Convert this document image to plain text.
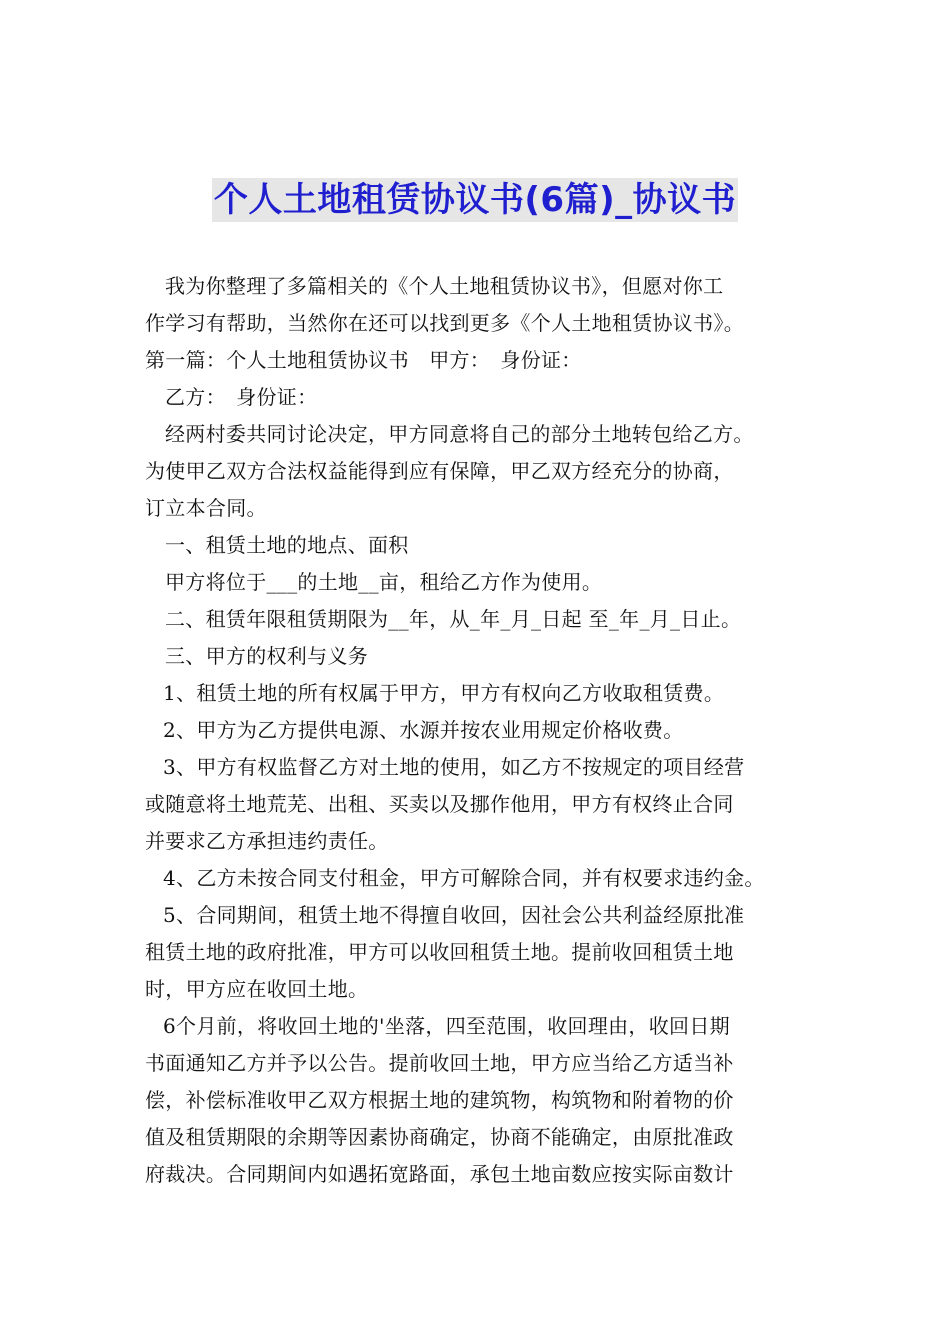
个人土地租赁协议书(6篇)_协议书
我为你整理了多篇相关的《个人土地租赁协议书》，但愿对你工
作学习有帮助，当然你在还可以找到更多《个人土地租赁协议书》。
第一篇：个人土地租赁协议书　甲方：　身份证：
乙方：　身份证：
经两村委共同讨论决定，甲方同意将自己的部分土地转包给乙方。
为使甲乙双方合法权益能得到应有保障，甲乙双方经充分的协商，
订立本合同。
一、租赁土地的地点、面积
甲方将位于___的土地__亩，租给乙方作为使用。
二、租赁年限租赁期限为__年，从_年_月_日起 至_年_月_日止。
三、甲方的权利与义务
1、租赁土地的所有权属于甲方，甲方有权向乙方收取租赁费。
2、甲方为乙方提供电源、水源并按农业用规定价格收费。
3、甲方有权监督乙方对土地的使用，如乙方不按规定的项目经营
或随意将土地荒芜、出租、买卖以及挪作他用，甲方有权终止合同
并要求乙方承担违约责任。
4、乙方未按合同支付租金，甲方可解除合同，并有权要求违约金。
5、合同期间，租赁土地不得擅自收回，因社会公共利益经原批准
租赁土地的政府批准，甲方可以收回租赁土地。提前收回租赁土地
时，甲方应在收回土地。
6个月前，将收回土地的'坐落，四至范围，收回理由，收回日期
书面通知乙方并予以公告。提前收回土地，甲方应当给乙方适当补
偿，补偿标准收甲乙双方根据土地的建筑物，构筑物和附着物的价
值及租赁期限的余期等因素协商确定，协商不能确定，由原批准政
府裁决。合同期间内如遇拓宽路面，承包土地亩数应按实际亩数计
